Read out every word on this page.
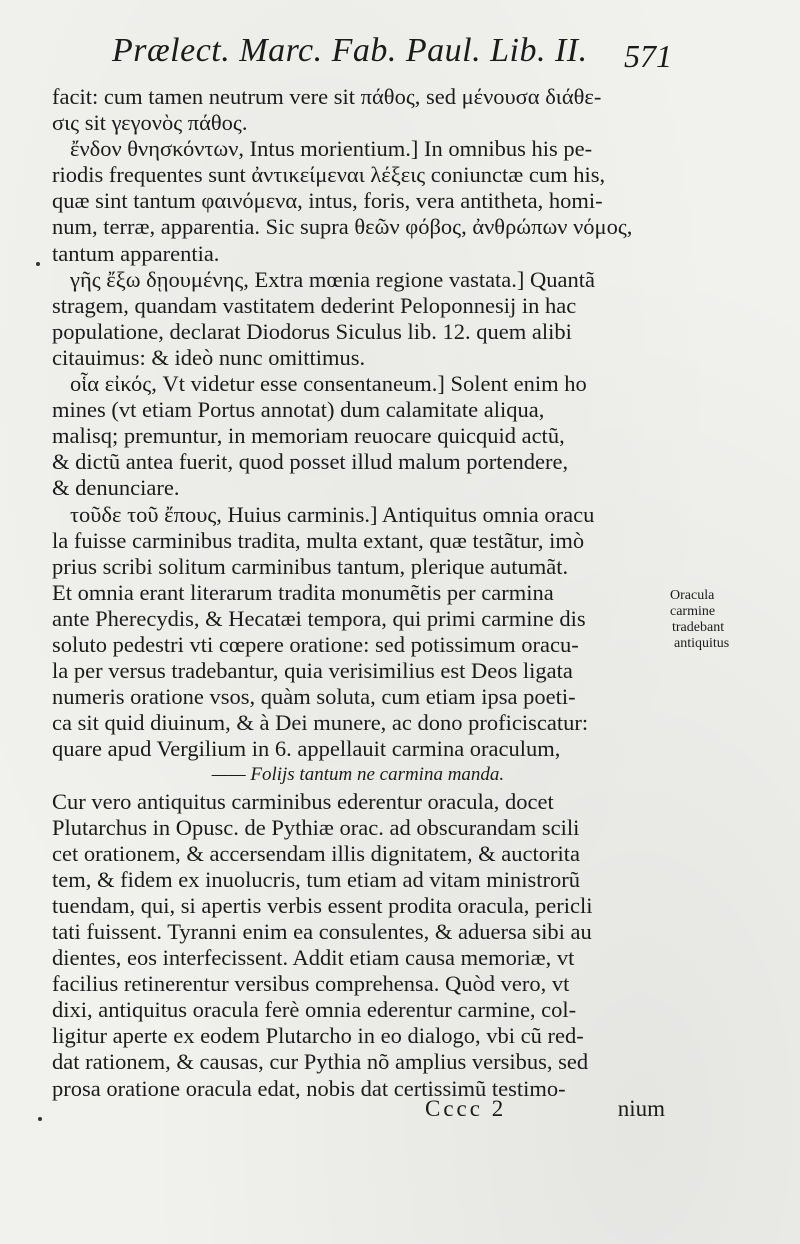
Prælect. Marc. Fab. Paul. Lib. II. 571
facit: cum tamen neutrum vere sit πάθος, sed μένουσα διάθε-
σις sit γεγονὸς πάθος.
ἔνδον θνησκόντων, Intus morientium.] In omnibus his pe-
riodis frequentes sunt ἀντικείμεναι λέξεις coniunctæ cum his,
quæ sint tantum φαινόμενα, intus, foris, vera antitheta, homi-
num, terræ, apparentia. Sic supra θεῶν φόβος, ἀνθρώπων νόμος,
tantum apparentia.
γῆς ἔξω δῃουμένης, Extra mœnia regione vastata.] Quantã
stragem, quandam vastitatem dederint Peloponnesij in hac
populatione, declarat Diodorus Siculus lib. 12. quem alibi
citauimus: & ideò nunc omittimus.
οἷα εἰκός, Vt videtur esse consentaneum.] Solent enim ho
mines (vt etiam Portus annotat) dum calamitate aliqua,
malisq; premuntur, in memoriam reuocare quicquid actũ,
& dictũ antea fuerit, quod posset illud malum portendere,
& denunciare.
τοῦδε τοῦ ἔπους, Huius carminis.] Antiquitus omnia oracu
la fuisse carminibus tradita, multa extant, quæ testãtur, imò
prius scribi solitum carminibus tantum, plerique autumãt.
Et omnia erant literarum tradita monumẽtis per carmina
ante Pherecydis, & Hecatæi tempora, qui primi carmine dis
soluto pedestri vti cœpere oratione: sed potissimum oracu-
la per versus tradebantur, quia verisimilius est Deos ligata
numeris oratione vsos, quàm soluta, cum etiam ipsa poeti-
ca sit quid diuinum, & à Dei munere, ac dono proficiscatur:
quare apud Vergilium in 6. appellauit carmina oraculum,
—— Folijs tantum ne carmina manda.
Cur vero antiquitus carminibus ederentur oracula, docet
Plutarchus in Opusc. de Pythiæ orac. ad obscurandam scili
cet orationem, & accersendam illis dignitatem, & auctorita
tem, & fidem ex inuolucris, tum etiam ad vitam ministrorũ
tuendam, qui, si apertis verbis essent prodita oracula, pericli
tati fuissent. Tyranni enim ea consulentes, & aduersa sibi au
dientes, eos interfecissent. Addit etiam causa memoriæ, vt
facilius retinerentur versibus comprehensa. Quòd vero, vt
dixi, antiquitus oracula ferè omnia ederentur carmine, col-
ligitur aperte ex eodem Plutarcho in eo dialogo, vbi cũ red-
dat rationem, & causas, cur Pythia nõ amplius versibus, sed
prosa oratione oracula edat, nobis dat certissimũ testimo-
Oracula
carmine
tradebant
antiquitus
Cccc 2	nium
